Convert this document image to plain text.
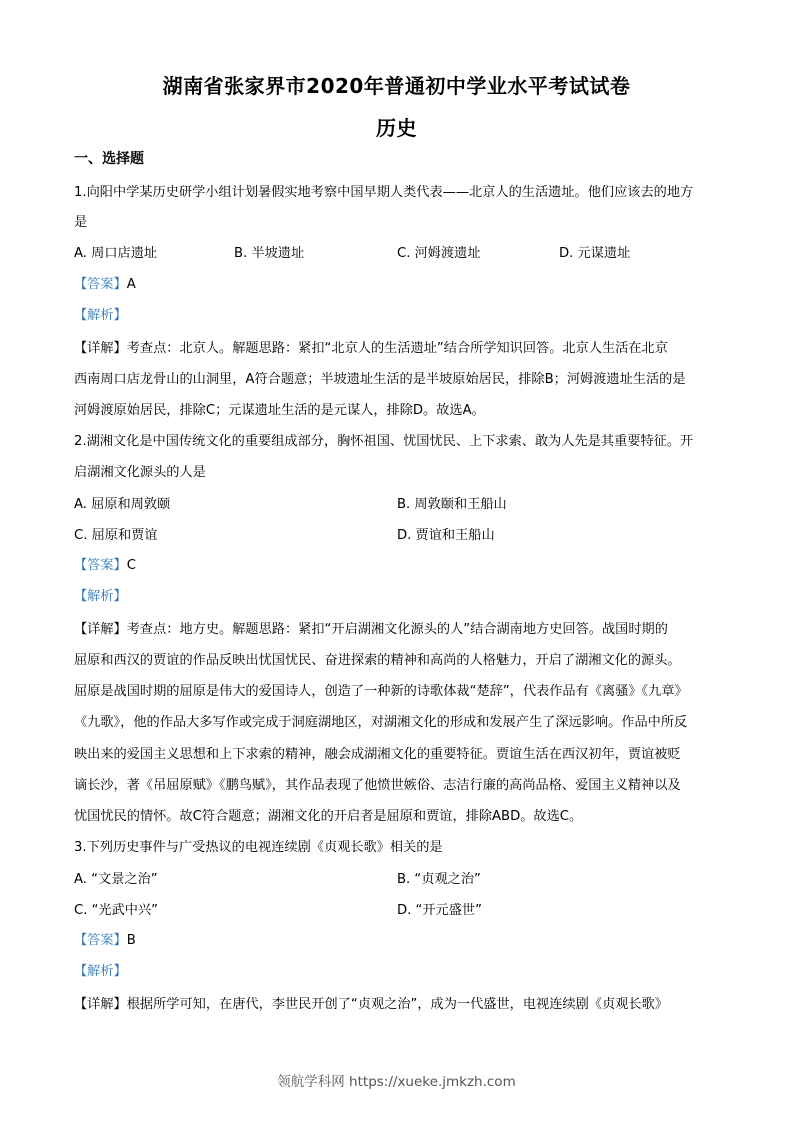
湖南省张家界市2020年普通初中学业水平考试试卷
历史
一、选择题
1.向阳中学某历史研学小组计划暑假实地考察中国早期人类代表——北京人的生活遗址。他们应该去的地方
是
A. 周口店遗址	B. 半坡遗址	C. 河姆渡遗址	D. 元谋遗址
【答案】A
【解析】
【详解】考查点：北京人。解题思路：紧扣“北京人的生活遗址”结合所学知识回答。北京人生活在北京
西南周口店龙骨山的山洞里，A符合题意；半坡遗址生活的是半坡原始居民，排除B；河姆渡遗址生活的是
河姆渡原始居民，排除C；元谋遗址生活的是元谋人，排除D。故选A。
2.湖湘文化是中国传统文化的重要组成部分，胸怀祖国、忧国忧民、上下求索、敢为人先是其重要特征。开
启湖湘文化源头的人是
A. 屈原和周敦颐	B. 周敦颐和王船山
C. 屈原和贾谊	D. 贾谊和王船山
【答案】C
【解析】
【详解】考查点：地方史。解题思路：紧扣“开启湖湘文化源头的人”结合湖南地方史回答。战国时期的
屈原和西汉的贾谊的作品反映出忧国忧民、奋进探索的精神和高尚的人格魅力，开启了湖湘文化的源头。
屈原是战国时期的屈原是伟大的爱国诗人，创造了一种新的诗歌体裁“楚辞”，代表作品有《离骚》《九章》
《九歌》，他的作品大多写作或完成于洞庭湖地区，对湖湘文化的形成和发展产生了深远影响。作品中所反
映出来的爱国主义思想和上下求索的精神，融会成湖湘文化的重要特征。贾谊生活在西汉初年，贾谊被贬
谪长沙，著《吊屈原赋》《鹏鸟赋》，其作品表现了他愤世嫉俗、志洁行廉的高尚品格、爱国主义精神以及
忧国忧民的情怀。故C符合题意；湖湘文化的开启者是屈原和贾谊，排除ABD。故选C。
3.下列历史事件与广受热议的电视连续剧《贞观长歌》相关的是
A. “文景之治”	B. “贞观之治”
C. “光武中兴”	D. “开元盛世”
【答案】B
【解析】
【详解】根据所学可知，在唐代，李世民开创了“贞观之治”，成为一代盛世，电视连续剧《贞观长歌》
领航学科网 https://xueke.jmkzh.com
